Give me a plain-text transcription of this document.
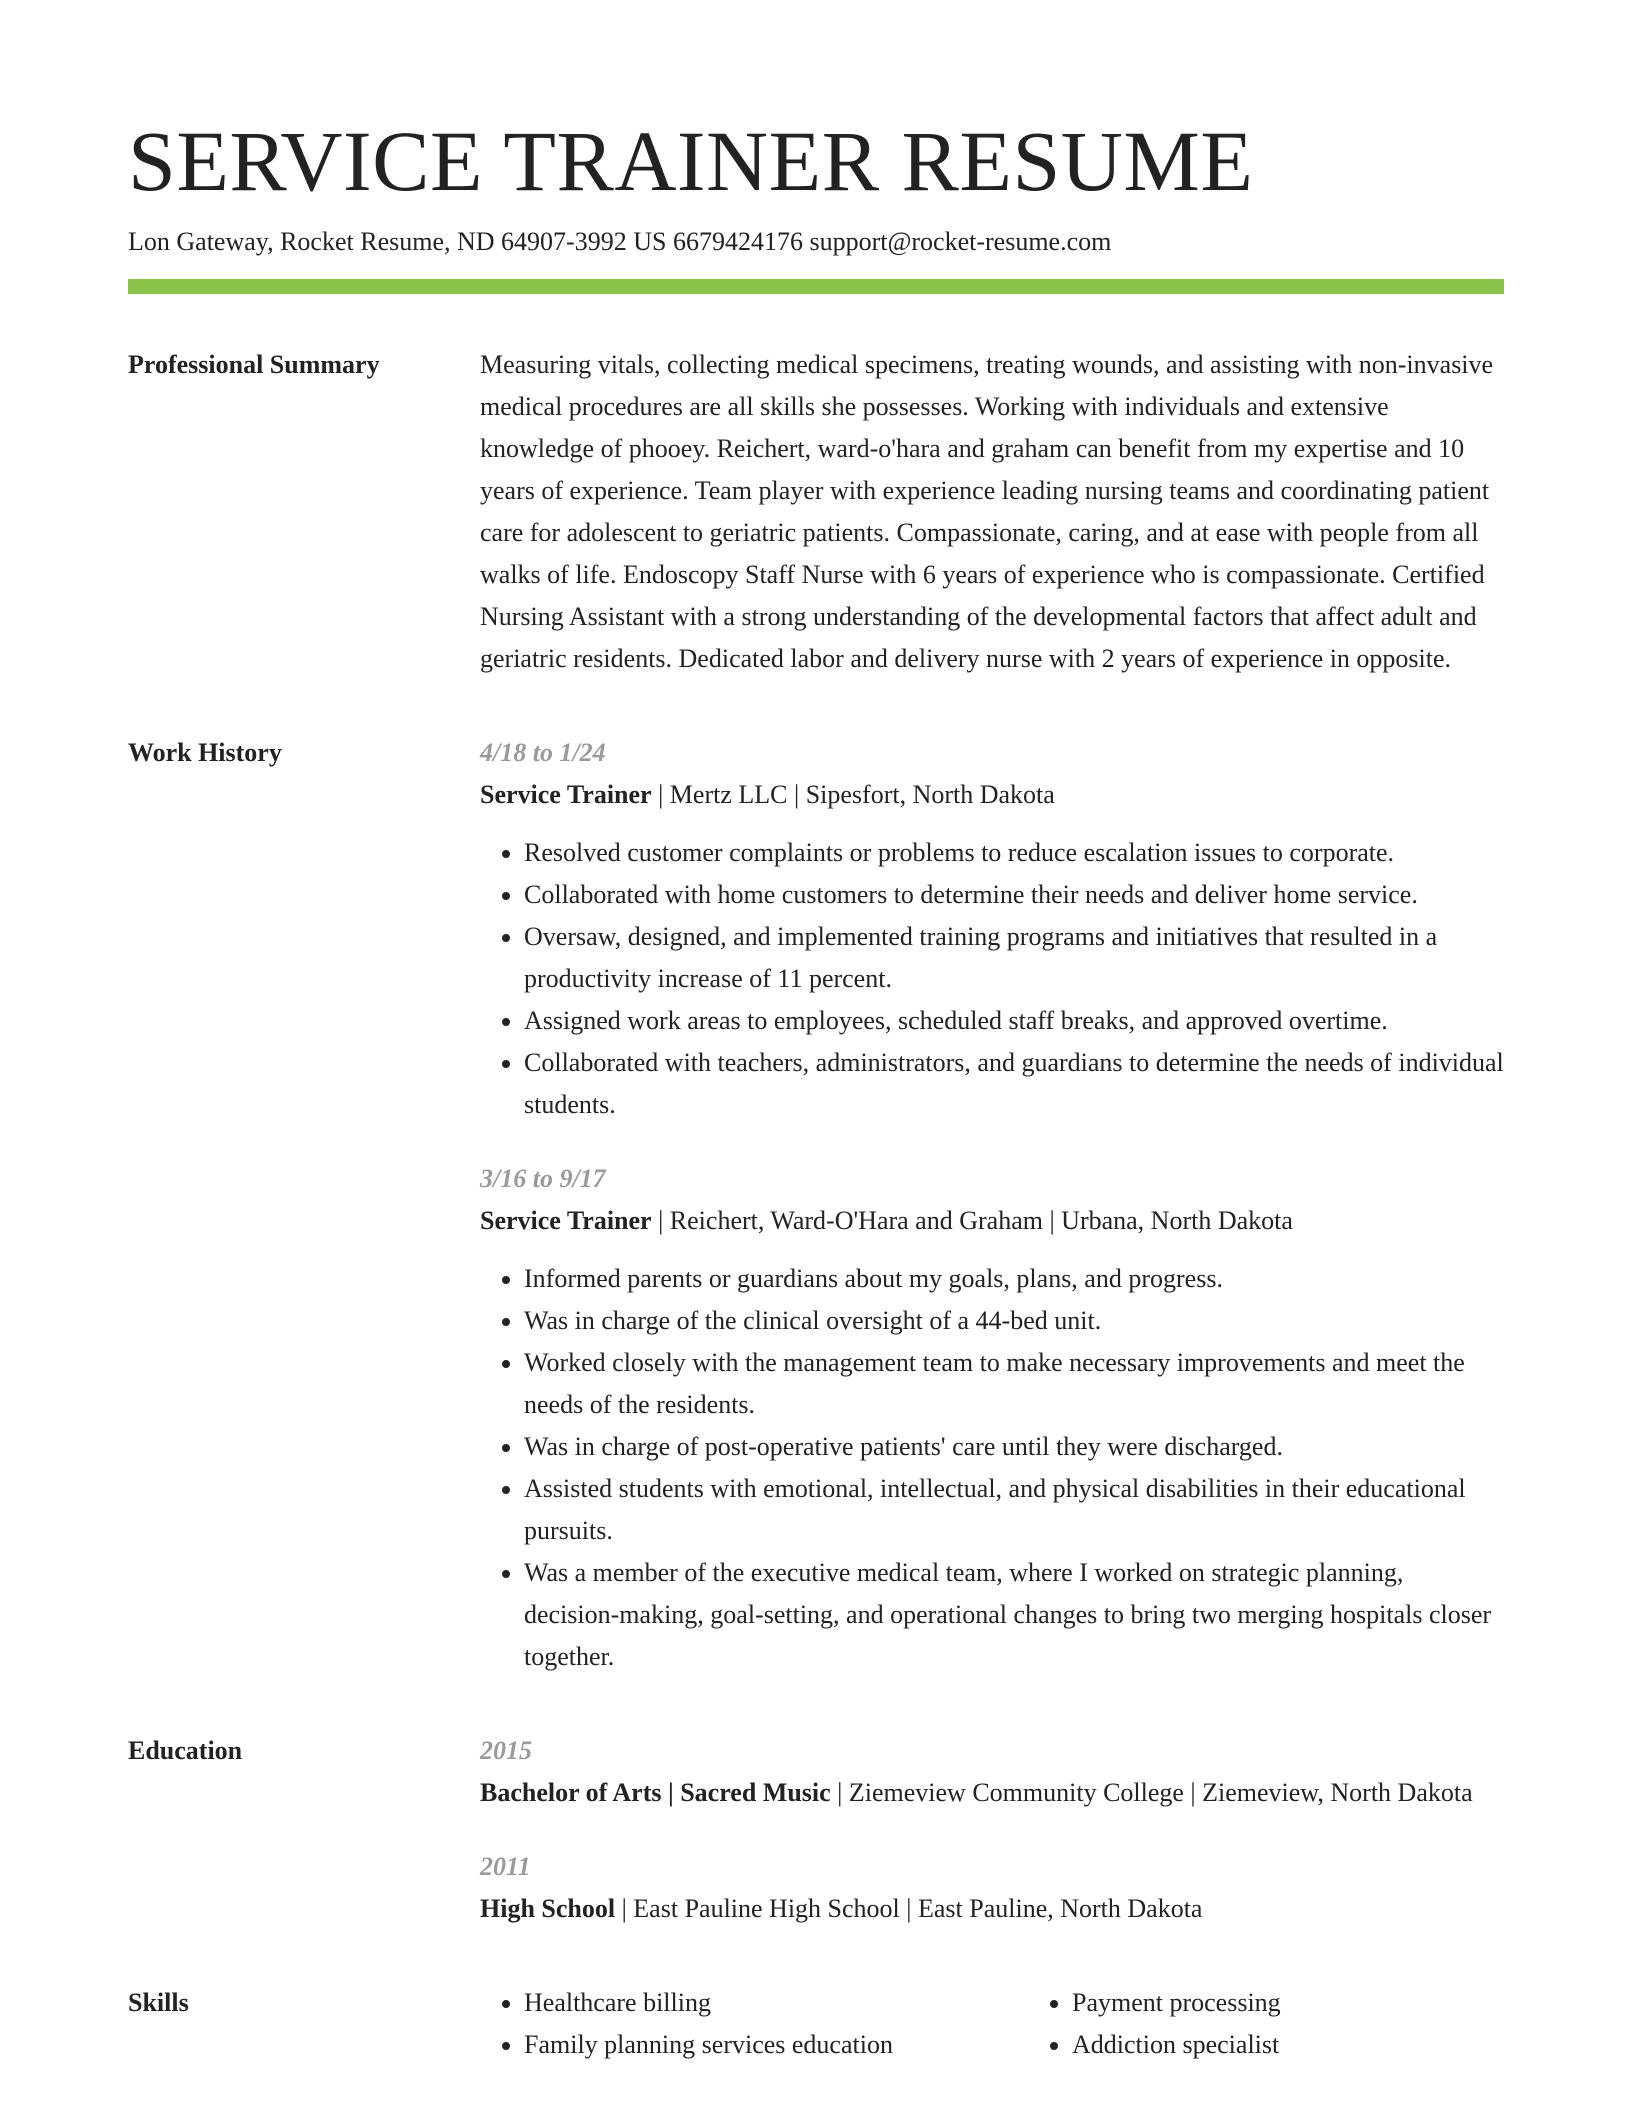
SERVICE TRAINER RESUME
Lon Gateway, Rocket Resume, ND 64907-3992 US 6679424176 support@rocket-resume.com
Professional Summary	Measuring vitals, collecting medical specimens, treating wounds, and assisting with non-invasive medical procedures are all skills she possesses. Working with individuals and extensive knowledge of phooey. Reichert, ward-o'hara and graham can benefit from my expertise and 10 years of experience. Team player with experience leading nursing teams and coordinating patient care for adolescent to geriatric patients. Compassionate, caring, and at ease with people from all walks of life. Endoscopy Staff Nurse with 6 years of experience who is compassionate. Certified Nursing Assistant with a strong understanding of the developmental factors that affect adult and geriatric residents. Dedicated labor and delivery nurse with 2 years of experience in opposite.

Work History	4/18 to 1/24
Service Trainer | Mertz LLC | Sipesfort, North Dakota
• Resolved customer complaints or problems to reduce escalation issues to corporate.
• Collaborated with home customers to determine their needs and deliver home service.
• Oversaw, designed, and implemented training programs and initiatives that resulted in a productivity increase of 11 percent.
• Assigned work areas to employees, scheduled staff breaks, and approved overtime.
• Collaborated with teachers, administrators, and guardians to determine the needs of individual students.
3/16 to 9/17
Service Trainer | Reichert, Ward-O'Hara and Graham | Urbana, North Dakota
• Informed parents or guardians about my goals, plans, and progress.
• Was in charge of the clinical oversight of a 44-bed unit.
• Worked closely with the management team to make necessary improvements and meet the needs of the residents.
• Was in charge of post-operative patients' care until they were discharged.
• Assisted students with emotional, intellectual, and physical disabilities in their educational pursuits.
• Was a member of the executive medical team, where I worked on strategic planning, decision-making, goal-setting, and operational changes to bring two merging hospitals closer together.
Education	2015
Bachelor of Arts | Sacred Music | Ziemeview Community College | Ziemeview, North Dakota
2011
High School | East Pauline High School | East Pauline, North Dakota
Skills
•	Healthcare billing
• Family planning services education
• Payment processing
• Addiction specialist
